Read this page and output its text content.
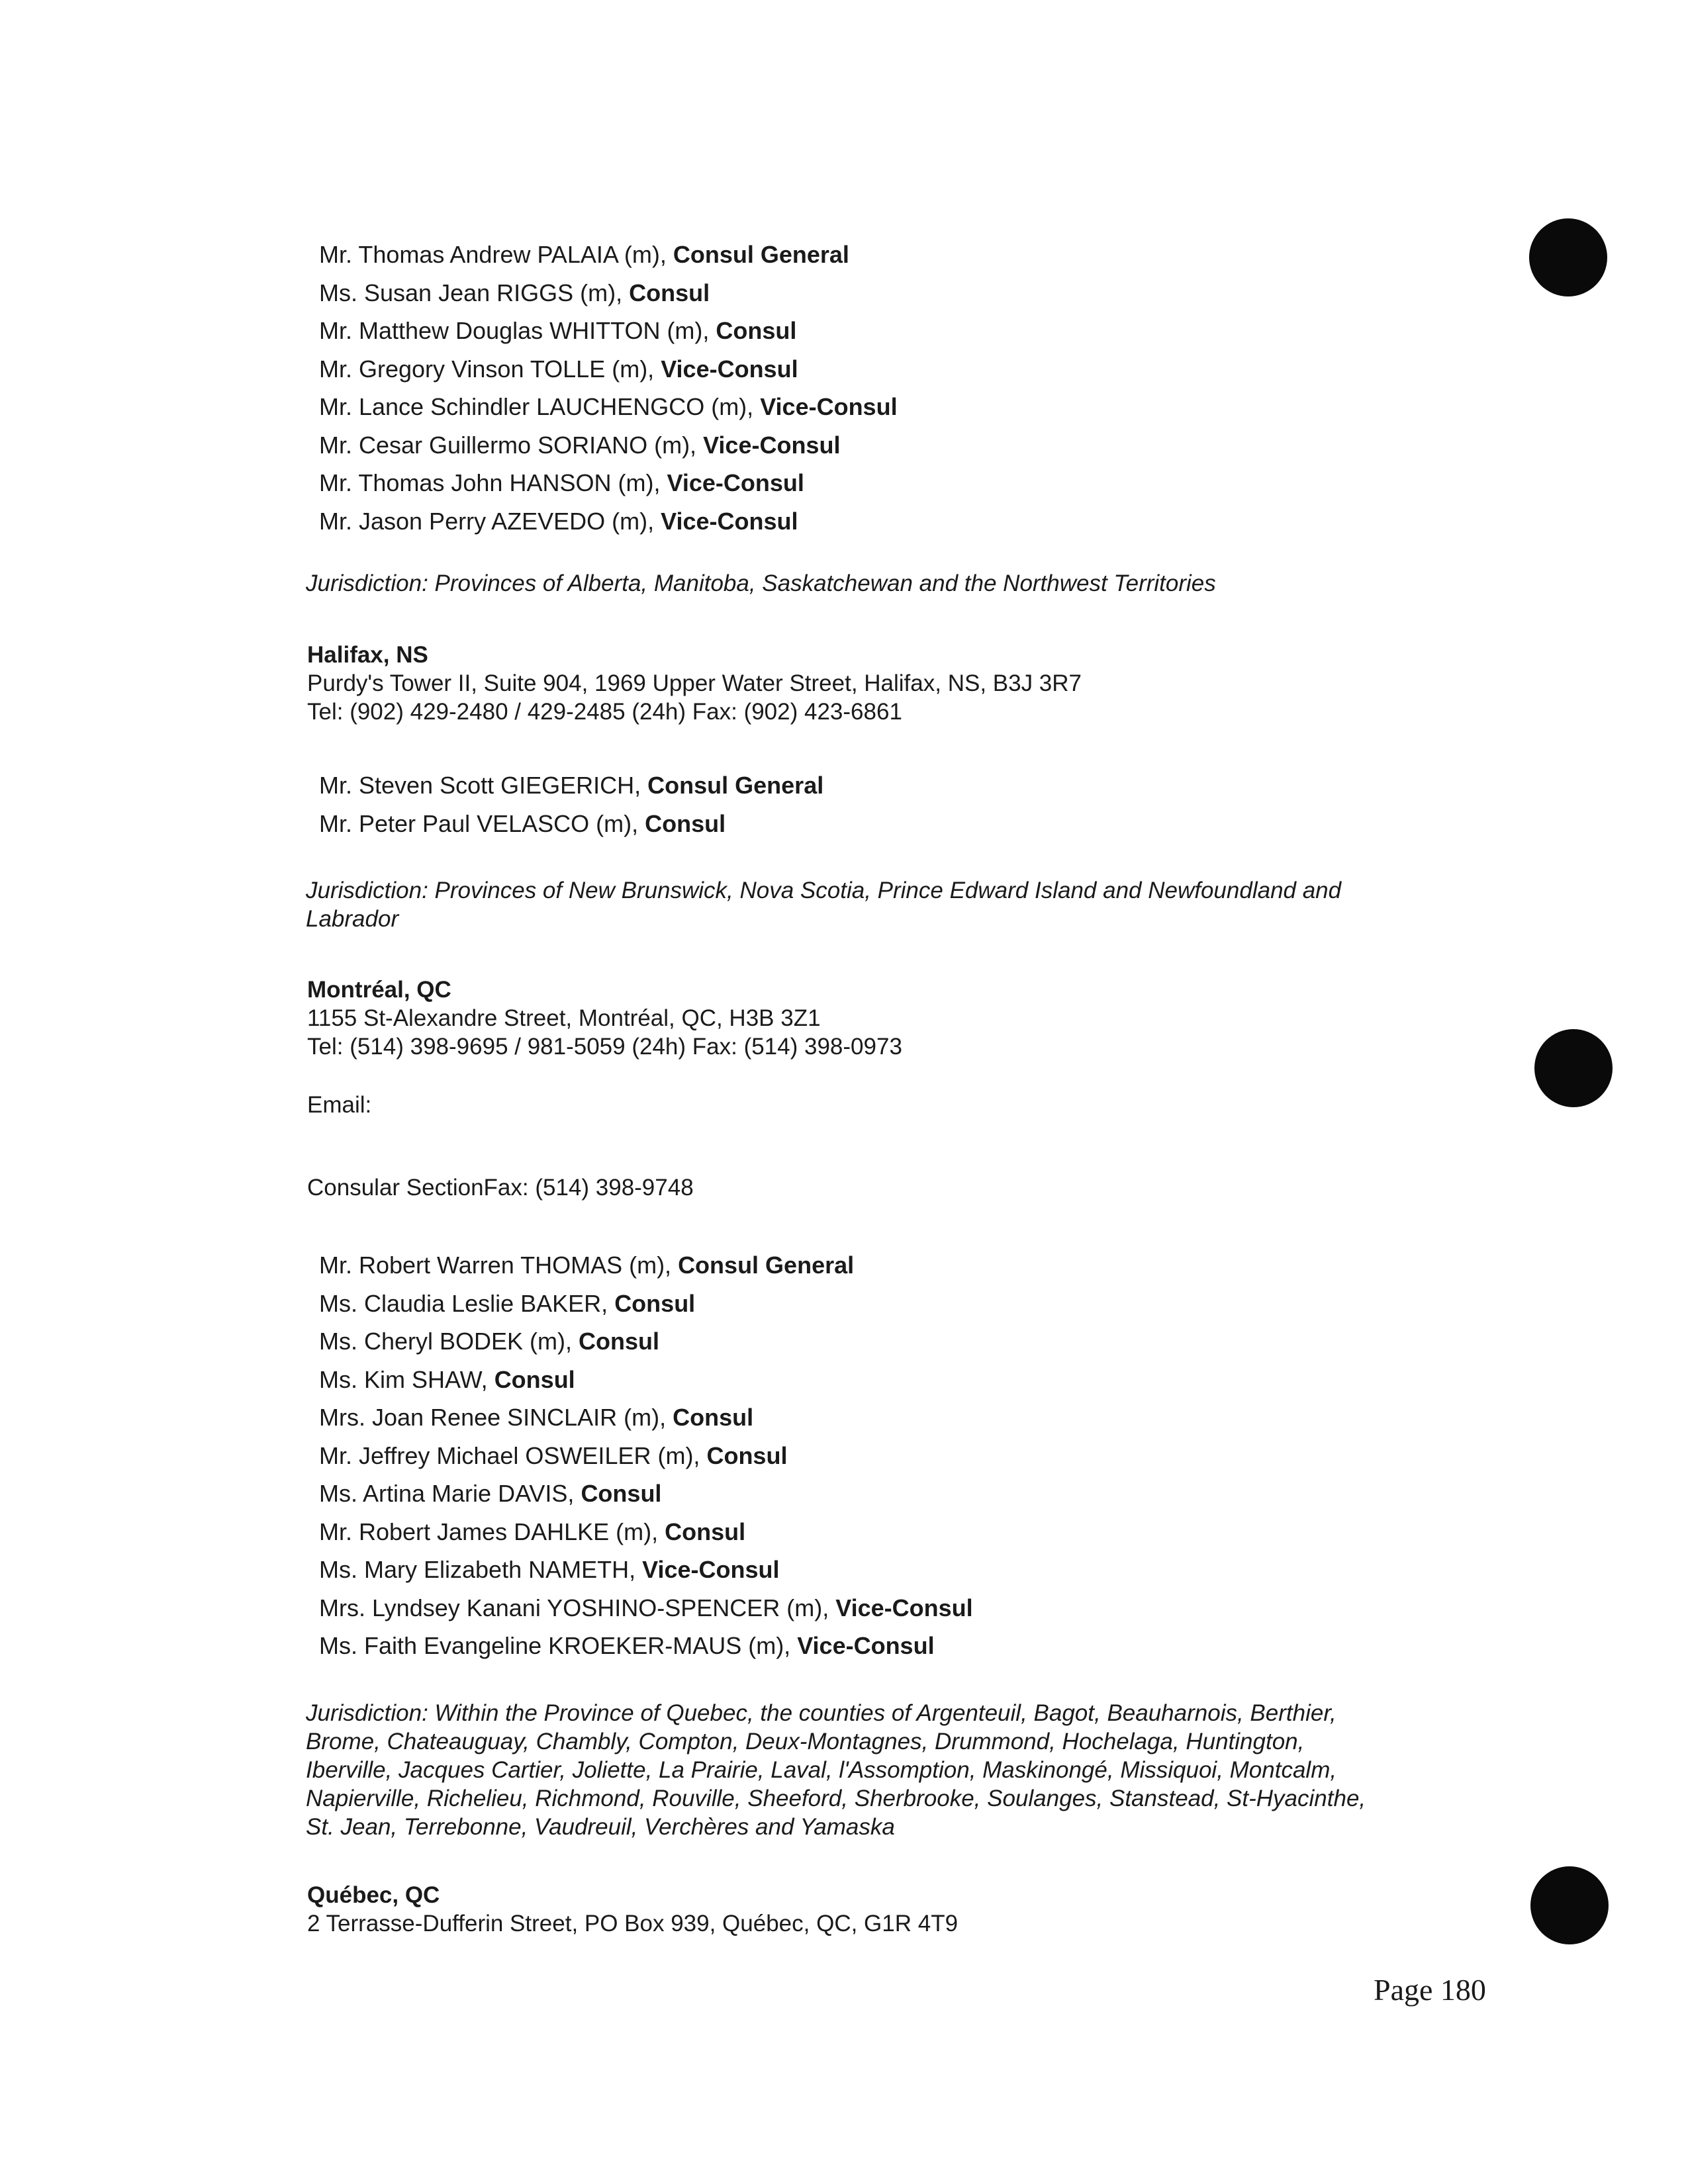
Mr. Thomas Andrew PALAIA (m), Consul General
Ms. Susan Jean RIGGS (m), Consul
Mr. Matthew Douglas WHITTON (m), Consul
Mr. Gregory Vinson TOLLE (m), Vice-Consul
Mr. Lance Schindler LAUCHENGCO (m), Vice-Consul
Mr. Cesar Guillermo SORIANO (m), Vice-Consul
Mr. Thomas John HANSON (m), Vice-Consul
Mr. Jason Perry AZEVEDO (m), Vice-Consul
Jurisdiction: Provinces of Alberta, Manitoba, Saskatchewan and the Northwest Territories
Halifax, NS
Purdy's Tower II, Suite 904, 1969 Upper Water Street, Halifax, NS, B3J 3R7
Tel: (902) 429-2480 / 429-2485 (24h) Fax: (902) 423-6861
Mr. Steven Scott GIEGERICH, Consul General
Mr. Peter Paul VELASCO (m), Consul
Jurisdiction: Provinces of New Brunswick, Nova Scotia, Prince Edward Island and Newfoundland and Labrador
Montréal, QC
1155 St-Alexandre Street, Montréal, QC, H3B 3Z1
Tel: (514) 398-9695 / 981-5059 (24h) Fax: (514) 398-0973
Email:
Consular SectionFax: (514) 398-9748
Mr. Robert Warren THOMAS (m), Consul General
Ms. Claudia Leslie BAKER, Consul
Ms. Cheryl BODEK (m), Consul
Ms. Kim SHAW, Consul
Mrs. Joan Renee SINCLAIR (m), Consul
Mr. Jeffrey Michael OSWEILER (m), Consul
Ms. Artina Marie DAVIS, Consul
Mr. Robert James DAHLKE (m), Consul
Ms. Mary Elizabeth NAMETH, Vice-Consul
Mrs. Lyndsey Kanani YOSHINO-SPENCER (m), Vice-Consul
Ms. Faith Evangeline KROEKER-MAUS (m), Vice-Consul
Jurisdiction: Within the Province of Quebec, the counties of Argenteuil, Bagot, Beauharnois, Berthier, Brome, Chateauguay, Chambly, Compton, Deux-Montagnes, Drummond, Hochelaga, Huntington, Iberville, Jacques Cartier, Joliette, La Prairie, Laval, l'Assomption, Maskinongé, Missiquoi, Montcalm, Napierville, Richelieu, Richmond, Rouville, Sheeford, Sherbrooke, Soulanges, Stanstead, St-Hyacinthe, St. Jean, Terrebonne, Vaudreuil, Verchères and Yamaska
Québec, QC
2 Terrasse-Dufferin Street, PO Box 939, Québec, QC, G1R 4T9
Page 180
